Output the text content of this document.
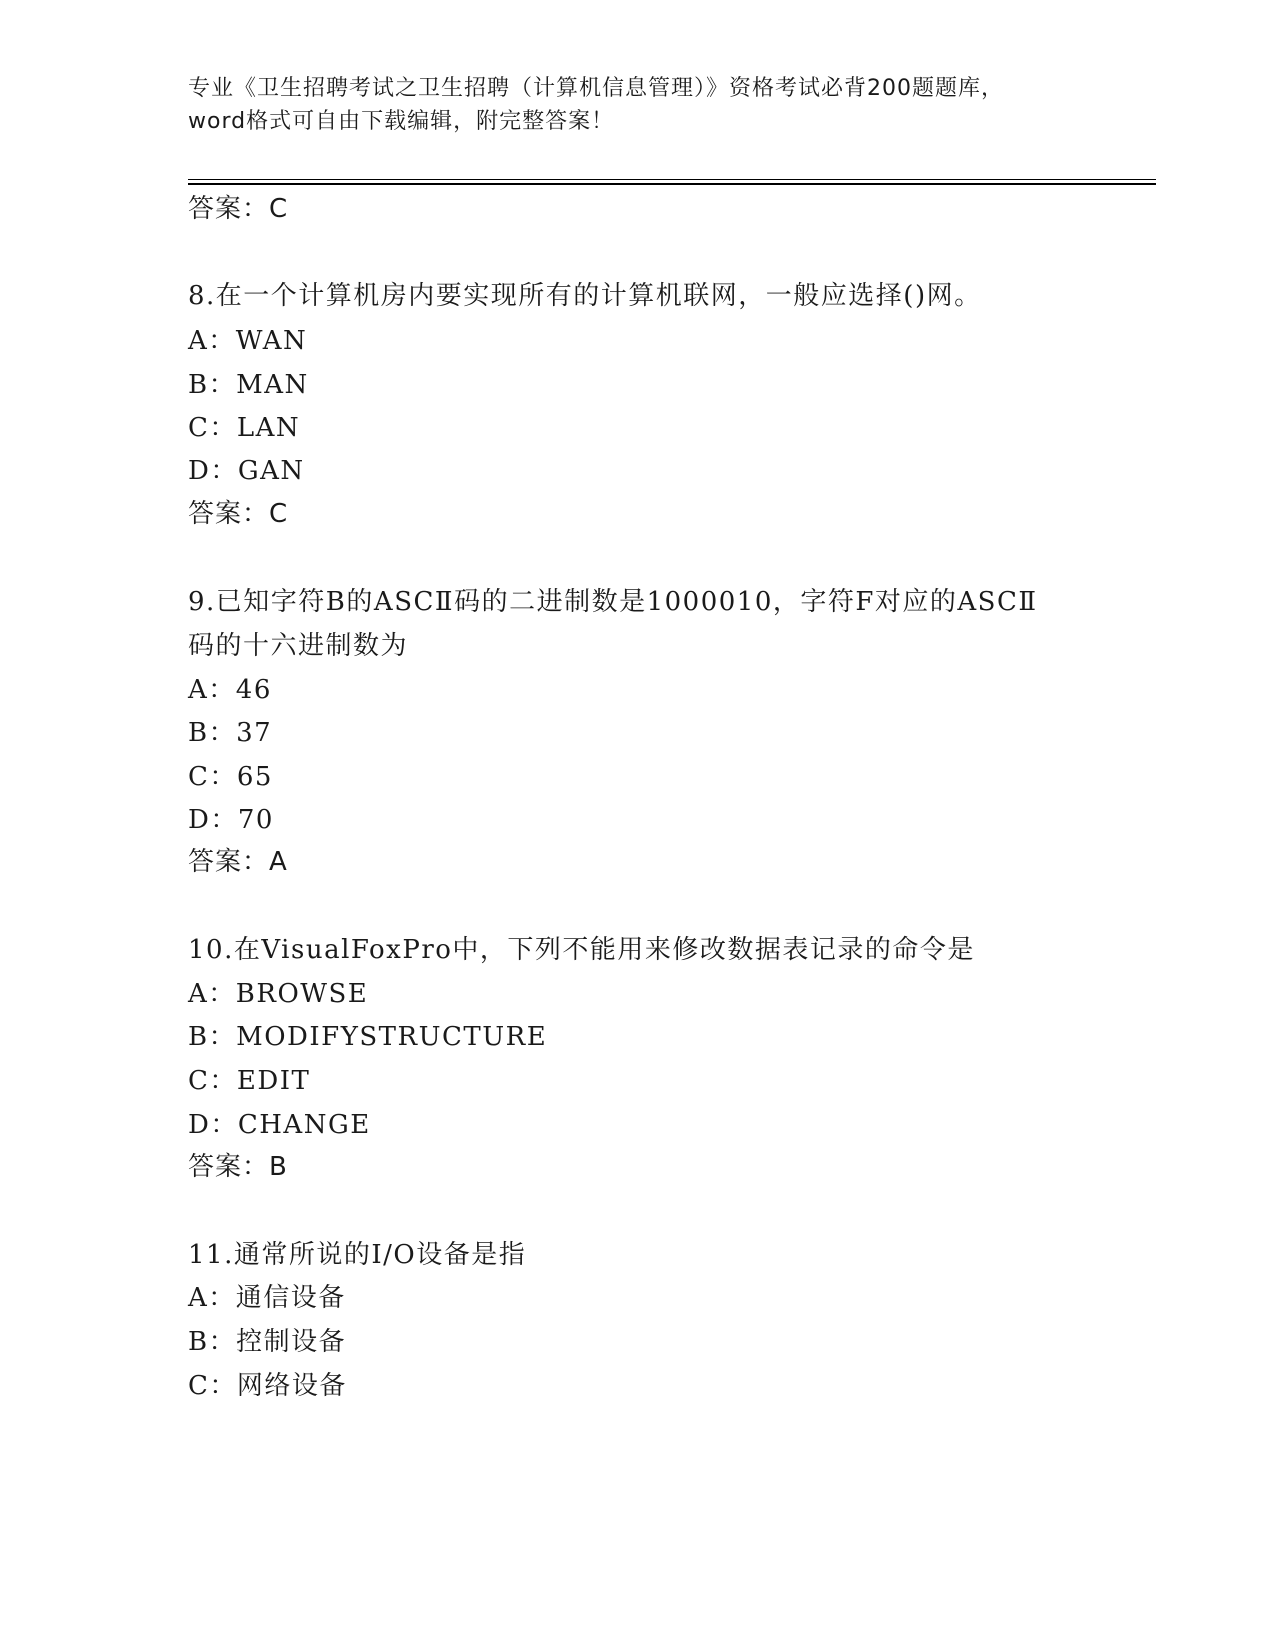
专业《卫生招聘考试之卫生招聘（计算机信息管理）》资格考试必背200题题库，
word格式可自由下载编辑，附完整答案！
答案：C
8.在一个计算机房内要实现所有的计算机联网，一般应选择()网。
A：WAN
B：MAN
C：LAN
D：GAN
答案：C
9.已知字符B的ASCⅡ码的二进制数是1000010，字符F对应的ASCⅡ
码的十六进制数为
A：46
B：37
C：65
D：70
答案：A
10.在VisualFoxPro中，下列不能用来修改数据表记录的命令是
A：BROWSE
B：MODIFYSTRUCTURE
C：EDIT
D：CHANGE
答案：B
11.通常所说的I/O设备是指
A：通信设备
B：控制设备
C：网络设备
